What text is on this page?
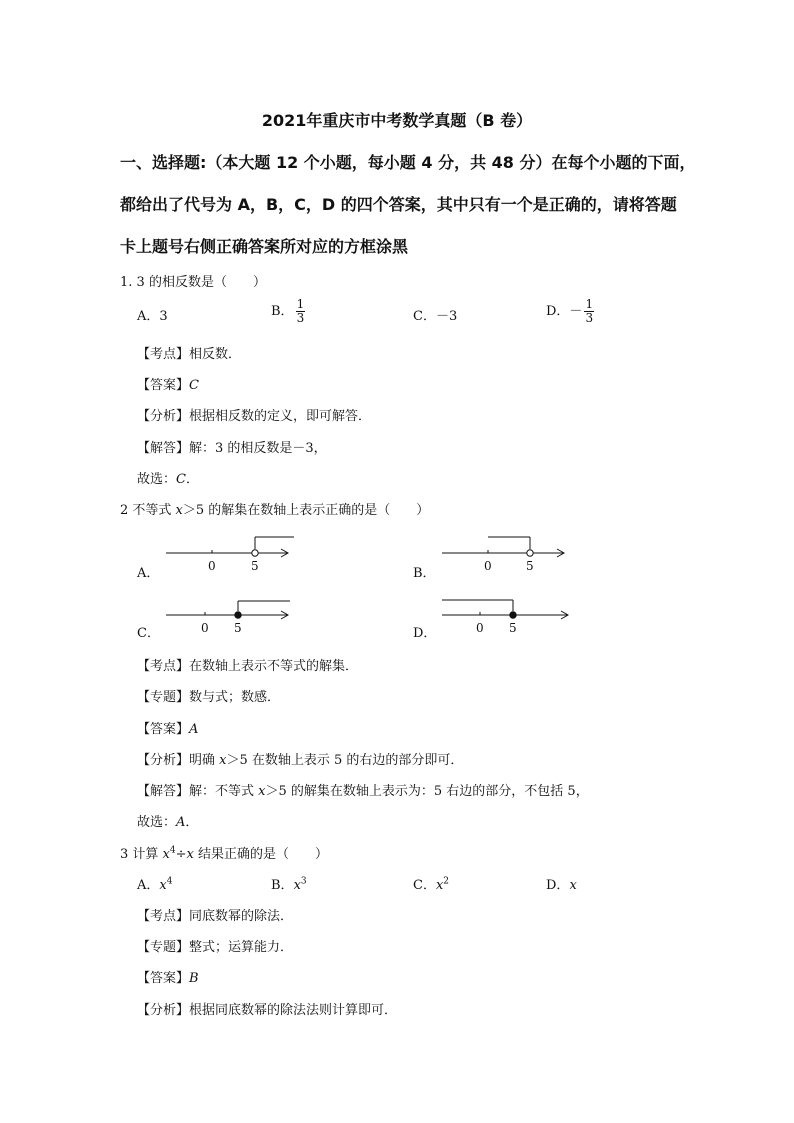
2021年重庆市中考数学真题（B 卷）
一、选择题:（本大题 12 个小题，每小题 4 分，共 48 分）在每个小题的下面，
都给出了代号为 A，B，C，D 的四个答案，其中只有一个是正确的，请将答题
卡上题号右侧正确答案所对应的方框涂黑
1. 3 的相反数是（　　）
A．3	B． $\frac{1}{3}$	C．－3	D．－ $\frac{1}{3}$
【考点】相反数．
【答案】C
【分析】根据相反数的定义，即可解答．
【解答】解：3 的相反数是－3，
故选：C．
2 不等式 x＞5 的解集在数轴上表示正确的是（　　）
A．	0	5	B．	0	5
C．	0 5	D．	0 5
【考点】在数轴上表示不等式的解集．
【专题】数与式；数感．
【答案】A
【分析】明确 x＞5 在数轴上表示 5 的右边的部分即可．
【解答】解：不等式 x＞5 的解集在数轴上表示为：5 右边的部分，不包括 5，
故选：A．
3 计算 $x^4\div x$ 结果正确的是（　　）
A．$x^4$	B．$x^3$	C．$x^2$	D．x
【考点】同底数幂的除法．
【专题】整式；运算能力．
【答案】B
【分析】根据同底数幂的除法法则计算即可．
